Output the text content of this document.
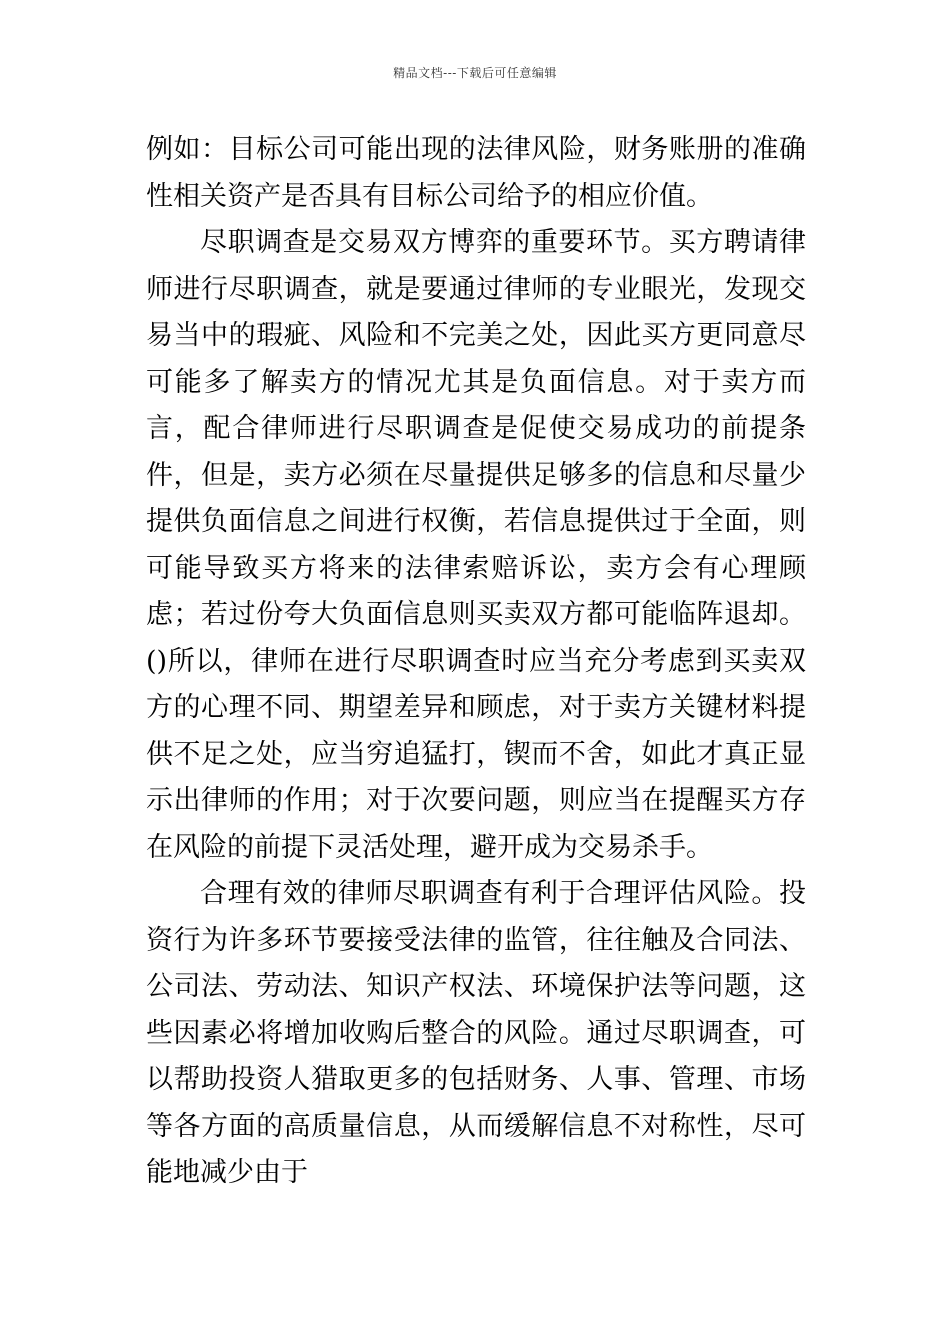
精品文档---下载后可任意编辑

例如：目标公司可能出现的法律风险，财务账册的准确性相关资产是否具有目标公司给予的相应价值。

尽职调查是交易双方博弈的重要环节。买方聘请律师进行尽职调查，就是要通过律师的专业眼光，发现交易当中的瑕疵、风险和不完美之处，因此买方更同意尽可能多了解卖方的情况尤其是负面信息。对于卖方而言，配合律师进行尽职调查是促使交易成功的前提条件，但是，卖方必须在尽量提供足够多的信息和尽量少提供负面信息之间进行权衡，若信息提供过于全面，则可能导致买方将来的法律索赔诉讼，卖方会有心理顾虑；若过份夸大负面信息则买卖双方都可能临阵退却。()所以，律师在进行尽职调查时应当充分考虑到买卖双方的心理不同、期望差异和顾虑，对于卖方关键材料提供不足之处，应当穷追猛打，锲而不舍，如此才真正显示出律师的作用；对于次要问题，则应当在提醒买方存在风险的前提下灵活处理，避开成为交易杀手。

合理有效的律师尽职调查有利于合理评估风险。投资行为许多环节要接受法律的监管，往往触及合同法、公司法、劳动法、知识产权法、环境保护法等问题，这些因素必将增加收购后整合的风险。通过尽职调查，可以帮助投资人猎取更多的包括财务、人事、管理、市场等各方面的高质量信息，从而缓解信息不对称性，尽可能地减少由于
